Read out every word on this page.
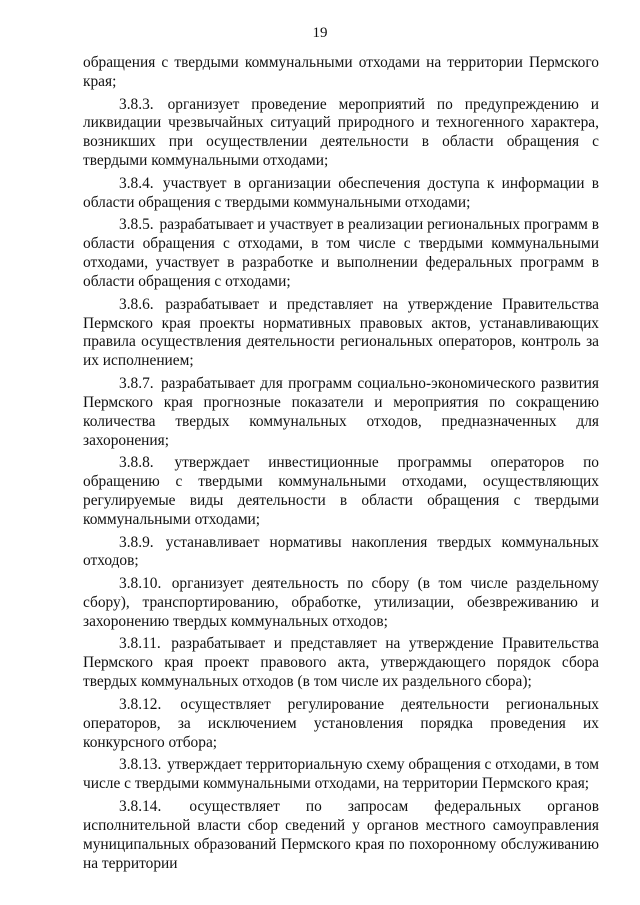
19

обращения с твердыми коммунальными отходами на территории Пермского края;

3.8.3. организует проведение мероприятий по предупреждению и ликвидации чрезвычайных ситуаций природного и техногенного характера, возникших при осуществлении деятельности в области обращения с твердыми коммунальными отходами;

3.8.4. участвует в организации обеспечения доступа к информации в области обращения с твердыми коммунальными отходами;

3.8.5. разрабатывает и участвует в реализации региональных программ в области обращения с отходами, в том числе с твердыми коммунальными отходами, участвует в разработке и выполнении федеральных программ в области обращения с отходами;

3.8.6. разрабатывает и представляет на утверждение Правительства Пермского края проекты нормативных правовых актов, устанавливающих правила осуществления деятельности региональных операторов, контроль за их исполнением;

3.8.7. разрабатывает для программ социально-экономического развития Пермского края прогнозные показатели и мероприятия по сокращению количества твердых коммунальных отходов, предназначенных для захоронения;

3.8.8. утверждает инвестиционные программы операторов по обращению с твердыми коммунальными отходами, осуществляющих регулируемые виды деятельности в области обращения с твердыми коммунальными отходами;

3.8.9. устанавливает нормативы накопления твердых коммунальных отходов;

3.8.10. организует деятельность по сбору (в том числе раздельному сбору), транспортированию, обработке, утилизации, обезвреживанию и захоронению твердых коммунальных отходов;

3.8.11. разрабатывает и представляет на утверждение Правительства Пермского края проект правового акта, утверждающего порядок сбора твердых коммунальных отходов (в том числе их раздельного сбора);

3.8.12. осуществляет регулирование деятельности региональных операторов, за исключением установления порядка проведения их конкурсного отбора;

3.8.13. утверждает территориальную схему обращения с отходами, в том числе с твердыми коммунальными отходами, на территории Пермского края;

3.8.14. осуществляет по запросам федеральных органов исполнительной власти сбор сведений у органов местного самоуправления муниципальных образований Пермского края по похоронному обслуживанию на территории
